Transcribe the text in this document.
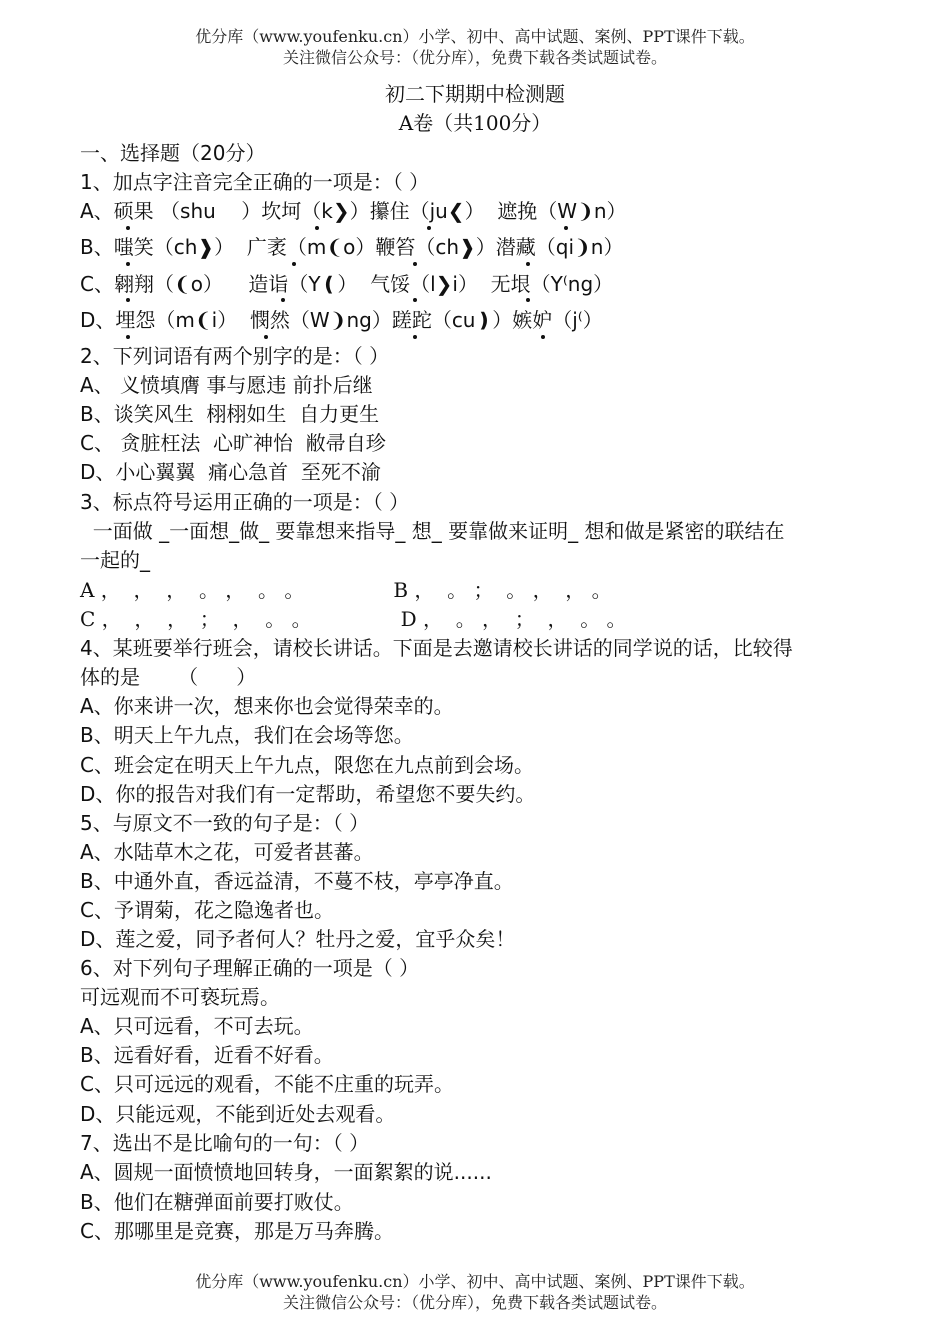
优分库（www.youfenku.cn）小学、初中、高中试题、案例、PPT课件下载。
关注微信公众号：（优分库），免费下载各类试题试卷。
初二下期期中检测题
A卷（共100分）
一、选择题（20分）
1、加点字注音完全正确的一项是：（ ）
A、硕果 （shu    ）坎坷（k❯）攥住（ju❮）  遮挽（W❩n）
B、嗤笑（ch❱）  广袤（m❨o）鞭笞（ch❱）潜藏（qi❩n）
C、翱翔（❨o）    造诣（Y❪）  气馁（l❯i）  无垠（Y⁽ng）
D、埋怨（m❨i）  憫然（W❩ng）蹉跎（cu❫）嫉妒（j⁽）
2、下列词语有两个别字的是：（ ）
A、 义愤填膺 事与愿违 前扑后继
B、谈笑风生  栩栩如生  自力更生
C、 贪脏枉法  心旷神怡  敝帚自珍
D、小心翼翼  痛心急首  至死不渝
3、标点符号运用正确的一项是：（ ）
一面做 _一面想_做_ 要靠想来指导_ 想_ 要靠做来证明_ 想和做是紧密的联结在
一起的_
A ，  ，  ，  。 ，  。 。              B ，  。 ；  。 ，  ， 。
C ，  ，  ，  ；  ，  。 。              D ，  。 ，  ；  ，  。 。
4、某班要举行班会，请校长讲话。下面是去邀请校长讲话的同学说的话，比较得
体的是      （      ）
A、你来讲一次，想来你也会觉得荣幸的。
B、明天上午九点，我们在会场等您。
C、班会定在明天上午九点，限您在九点前到会场。
D、你的报告对我们有一定帮助，希望您不要失约。
5、与原文不一致的句子是：（ ）
A、水陆草木之花，可爱者甚蕃。
B、中通外直，香远益清，不蔓不枝，亭亭净直。
C、予谓菊，花之隐逸者也。
D、莲之爱，同予者何人？牡丹之爱，宜乎众矣！
6、对下列句子理解正确的一项是（ ）
可远观而不可亵玩焉。
A、只可远看，不可去玩。
B、远看好看，近看不好看。
C、只可远远的观看，不能不庄重的玩弄。
D、只能远观，不能到近处去观看。
7、选出不是比喻句的一句：（ ）
A、圆规一面愤愤地回转身，一面絮絮的说......
B、他们在糖弹面前要打败仗。
C、那哪里是竞赛，那是万马奔腾。
优分库（www.youfenku.cn）小学、初中、高中试题、案例、PPT课件下载。
关注微信公众号：（优分库），免费下载各类试题试卷。
